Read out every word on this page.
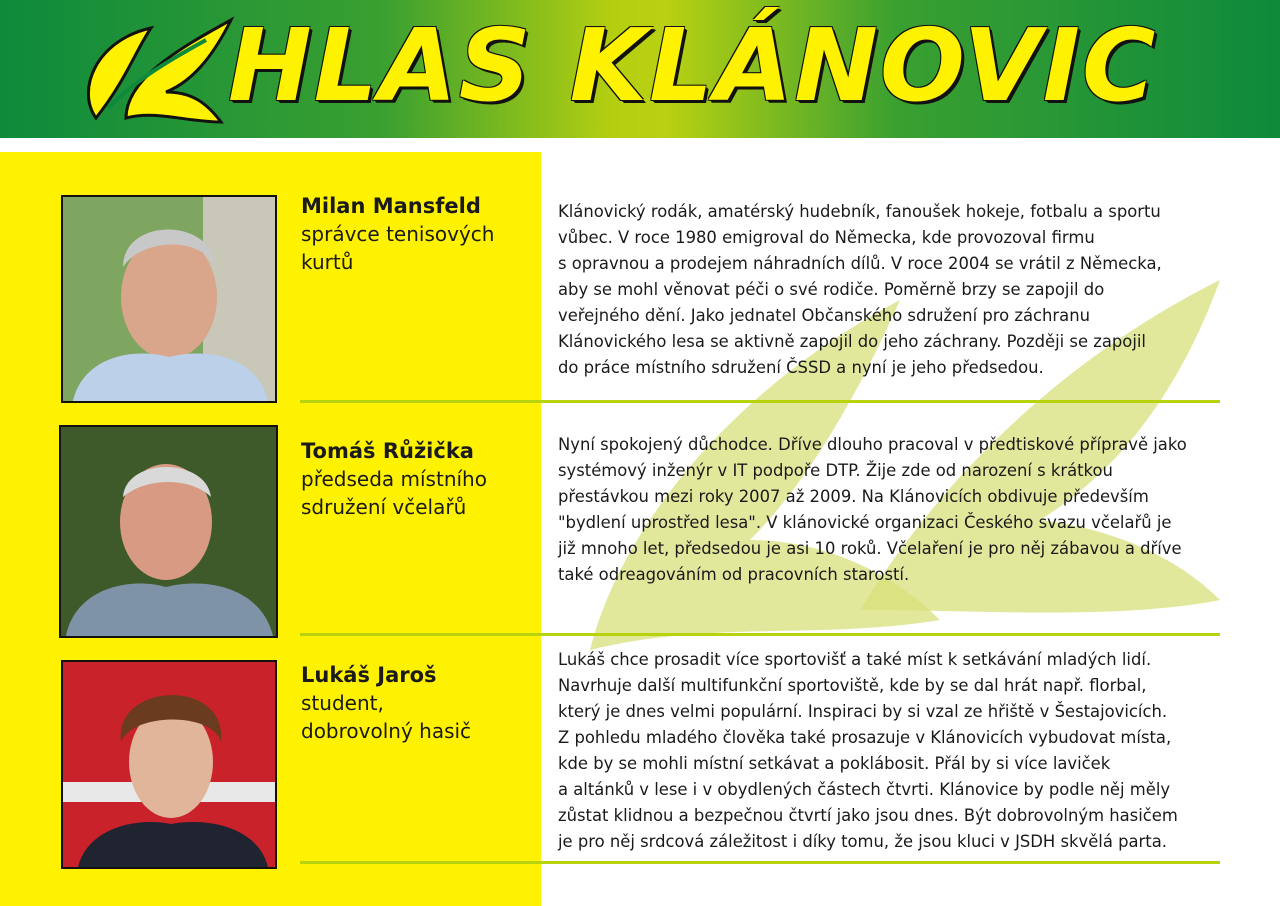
HLAS KLÁNOVIC
Milan Mansfeld
správce tenisových
kurtů
Klánovický rodák, amatérský hudebník, fanoušek hokeje, fotbalu a sportu
vůbec. V roce 1980 emigroval do Německa, kde provozoval firmu
s opravnou a prodejem náhradních dílů. V roce 2004 se vrátil z Německa,
aby se mohl věnovat péči o své rodiče. Poměrně brzy se zapojil do
veřejného dění. Jako jednatel Občanského sdružení pro záchranu
Klánovického lesa se aktivně zapojil do jeho záchrany. Později se zapojil
do práce místního sdružení ČSSD a nyní je jeho předsedou.
Tomáš Růžička
předseda místního
sdružení včelařů
Nyní spokojený důchodce. Dříve dlouho pracoval v předtiskové přípravě jako
systémový inženýr v IT podpoře DTP. Žije zde od narození s krátkou
přestávkou mezi roky 2007 až 2009. Na Klánovicích obdivuje především
"bydlení uprostřed lesa". V klánovické organizaci Českého svazu včelařů je
již mnoho let, předsedou je asi 10 roků. Včelaření je pro něj zábavou a dříve
také odreagováním od pracovních starostí.
Lukáš Jaroš
student,
dobrovolný hasič
Lukáš chce prosadit více sportovišť a také míst k setkávání mladých lidí.
Navrhuje další multifunkční sportoviště, kde by se dal hrát např. florbal,
který je dnes velmi populární. Inspiraci by si vzal ze hřiště v Šestajovicích.
Z pohledu mladého člověka také prosazuje v Klánovicích vybudovat místa,
kde by se mohli místní setkávat a poklábosit. Přál by si více laviček
a altánků v lese i v obydlených částech čtvrti. Klánovice by podle něj měly
zůstat klidnou a bezpečnou čtvrtí jako jsou dnes. Být dobrovolným hasičem
je pro něj srdcová záležitost i díky tomu, že jsou kluci v JSDH skvělá parta.
